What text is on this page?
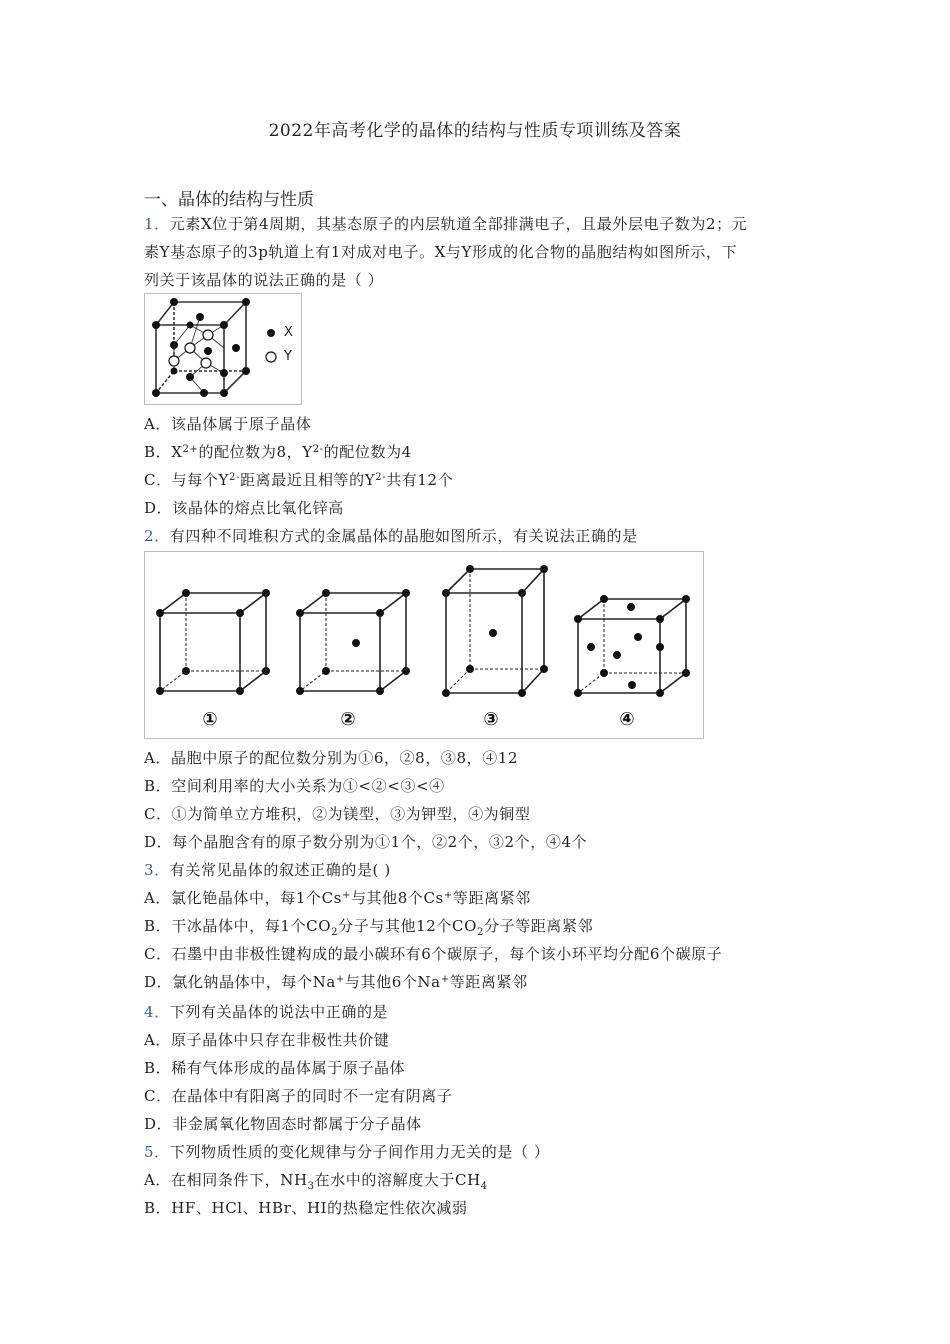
2022年高考化学的晶体的结构与性质专项训练及答案
一、晶体的结构与性质
1．元素X位于第4周期，其基态原子的内层轨道全部排满电子，且最外层电子数为2；元
素Y基态原子的3p轨道上有1对成对电子。X与Y形成的化合物的晶胞结构如图所示，下
列关于该晶体的说法正确的是（ ）
X
Y
A．该晶体属于原子晶体
B．$X^{2+}$的配位数为8，$Y^{2-}$的配位数为4
C．与每个$Y^{2-}$距离最近且相等的$Y^{2-}$共有12个
D．该晶体的熔点比氧化锌高
2．有四种不同堆积方式的金属晶体的晶胞如图所示，有关说法正确的是
①	②	③	④
A．晶胞中原子的配位数分别为①6，②8，③8，④12
B．空间利用率的大小关系为①<②<③<④
C．①为简单立方堆积，②为镁型，③为钾型，④为铜型
D．每个晶胞含有的原子数分别为①1个，②2个，③2个，④4个
3．有关常见晶体的叙述正确的是( )
A．氯化铯晶体中，每1个Cs+与其他8个Cs+等距离紧邻
B．干冰晶体中，每1个$CO_2$分子与其他12个$CO_2$分子等距离紧邻
C．石墨中由非极性键构成的最小碳环有6个碳原子，每个该小环平均分配6个碳原子
D．氯化钠晶体中，每个Na+与其他6个Na+等距离紧邻
4．下列有关晶体的说法中正确的是
A．原子晶体中只存在非极性共价键
B．稀有气体形成的晶体属于原子晶体
C．在晶体中有阳离子的同时不一定有阴离子
D．非金属氧化物固态时都属于分子晶体
5．下列物质性质的变化规律与分子间作用力无关的是（ ）
A．在相同条件下，$NH_3$在水中的溶解度大于$CH_4$
B．HF、HCl、HBr、HI的热稳定性依次减弱
